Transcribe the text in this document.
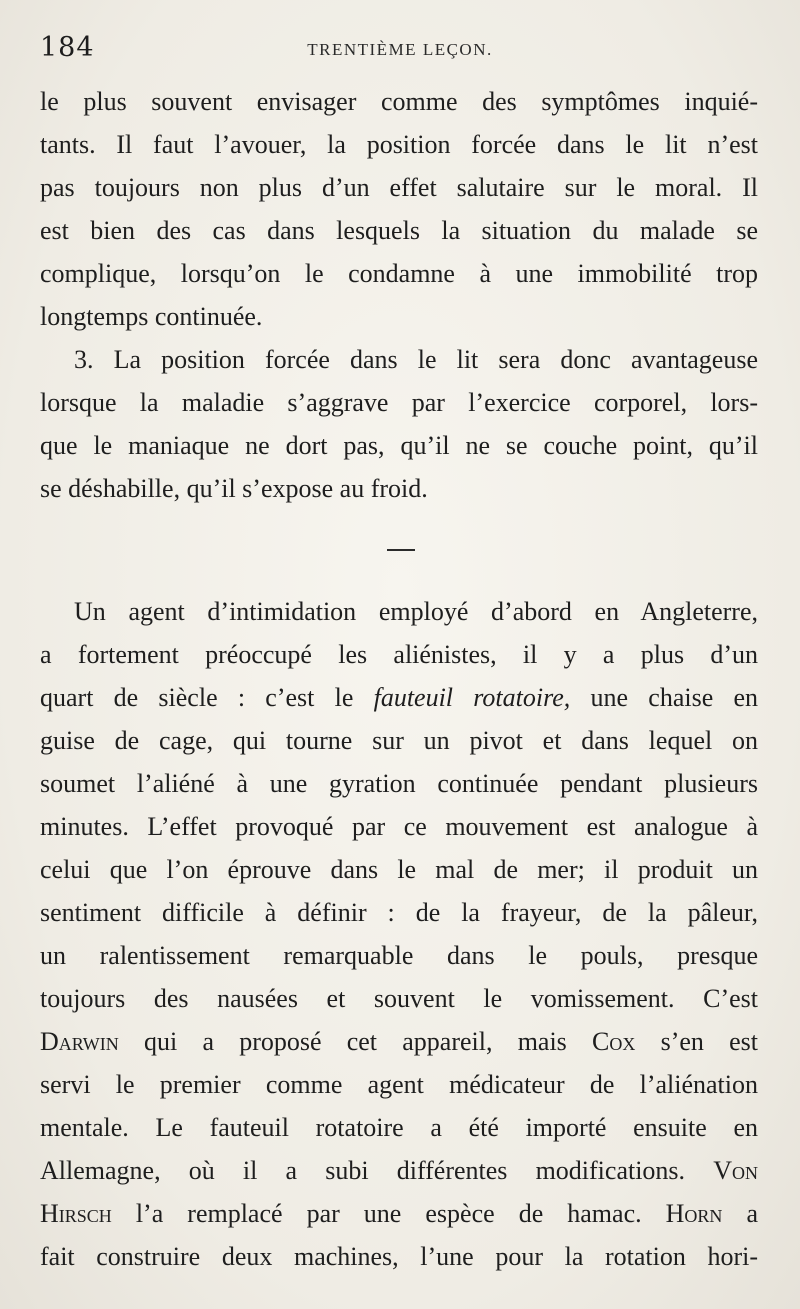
184	TRENTIÈME LEÇON.
le plus souvent envisager comme des symptômes inquié-
tants. Il faut l’avouer, la position forcée dans le lit n’est
pas toujours non plus d’un effet salutaire sur le moral. Il
est bien des cas dans lesquels la situation du malade se
complique, lorsqu’on le condamne à une immobilité trop
longtemps continuée.
3. La position forcée dans le lit sera donc avantageuse
lorsque la maladie s’aggrave par l’exercice corporel, lors-
que le maniaque ne dort pas, qu’il ne se couche point, qu’il
se déshabille, qu’il s’expose au froid.
Un agent d’intimidation employé d’abord en Angleterre,
a fortement préoccupé les aliénistes, il y a plus d’un
quart de siècle : c’est le fauteuil rotatoire, une chaise en
guise de cage, qui tourne sur un pivot et dans lequel on
soumet l’aliéné à une gyration continuée pendant plusieurs
minutes. L’effet provoqué par ce mouvement est analogue à
celui que l’on éprouve dans le mal de mer; il produit un
sentiment difficile à définir : de la frayeur, de la pâleur,
un ralentissement remarquable dans le pouls, presque
toujours des nausées et souvent le vomissement. C’est
Darwin qui a proposé cet appareil, mais Cox s’en est
servi le premier comme agent médicateur de l’aliénation
mentale. Le fauteuil rotatoire a été importé ensuite en
Allemagne, où il a subi différentes modifications. Von
Hirsch l’a remplacé par une espèce de hamac. Horn a
fait construire deux machines, l’une pour la rotation hori-
